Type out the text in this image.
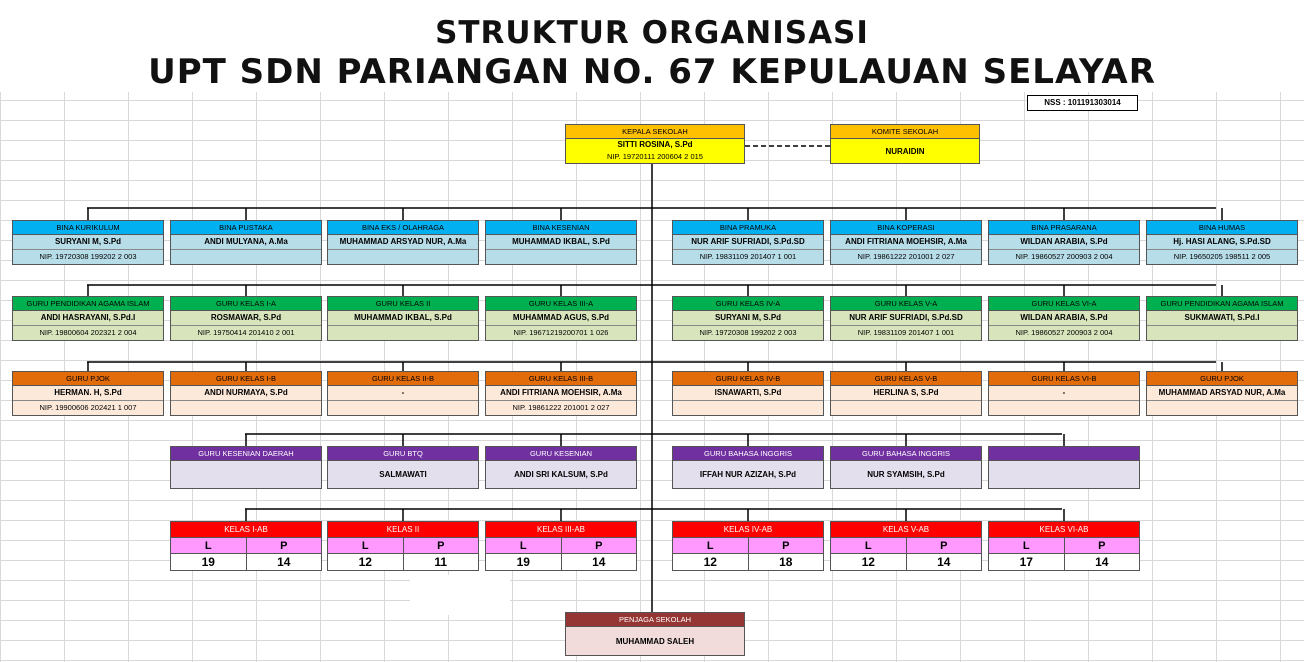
STRUKTUR ORGANISASI
UPT SDN PARIANGAN NO. 67 KEPULAUAN SELAYAR
NSS : 101191303014
KEPALA SEKOLAH
SITTI ROSINA, S.Pd
NIP. 19720111 200604 2 015
KOMITE SEKOLAH
NURAIDIN
BINA KURIKULUM
SURYANI M, S.Pd
NIP. 19720308 199202 2 003
BINA PUSTAKA
ANDI MULYANA, A.Ma
BINA EKS / OLAHRAGA
MUHAMMAD ARSYAD NUR, A.Ma
BINA KESENIAN
MUHAMMAD IKBAL, S.Pd
BINA PRAMUKA
NUR ARIF SUFRIADI, S.Pd.SD
NIP. 19831109 201407 1 001
BINA KOPERASI
ANDI FITRIANA MOEHSIR, A.Ma
NIP. 19861222 201001 2 027
BINA PRASARANA
WILDAN ARABIA, S.Pd
NIP. 19860527 200903 2 004
BINA HUMAS
Hj. HASI ALANG, S.Pd.SD
NIP. 19650205 198511 2 005
GURU PENDIDIKAN AGAMA ISLAM
ANDI HASRAYANI, S.Pd.I
NIP. 19800604 202321 2 004
GURU KELAS I-A
ROSMAWAR, S.Pd
NIP. 19750414 201410 2 001
GURU KELAS II
MUHAMMAD IKBAL, S.Pd
GURU KELAS III-A
MUHAMMAD AGUS, S.Pd
NIP. 19671219200701 1 026
GURU KELAS IV-A
SURYANI M, S.Pd
NIP. 19720308 199202 2 003
GURU KELAS V-A
NUR ARIF SUFRIADI, S.Pd.SD
NIP. 19831109 201407 1 001
GURU KELAS VI-A
WILDAN ARABIA, S.Pd
NIP. 19860527 200903 2 004
GURU PENDIDIKAN AGAMA ISLAM
SUKMAWATI, S.Pd.I
GURU PJOK
HERMAN. H, S.Pd
NIP. 19900606 202421 1 007
GURU KELAS I-B
ANDI NURMAYA, S.Pd
GURU KELAS II-B
-
GURU KELAS III-B
ANDI FITRIANA MOEHSIR, A.Ma
NIP. 19861222 201001 2 027
GURU KELAS IV-B
ISNAWARTI, S.Pd
GURU KELAS V-B
HERLINA S, S.Pd
GURU KELAS VI-B
-
GURU PJOK
MUHAMMAD ARSYAD NUR, A.Ma
GURU KESENIAN DAERAH	GURU BTQ
SALMAWATI
GURU KESENIAN
ANDI SRI KALSUM, S.Pd
GURU BAHASA INGGRIS
IFFAH NUR AZIZAH, S.Pd
GURU BAHASA INGGRIS
NUR SYAMSIH, S.Pd
KELAS I-AB
L	P
19	14
KELAS II
L	P
12	11
KELAS III-AB
L	P
19	14
KELAS IV-AB
L	P
12	18
KELAS V-AB
L	P
12	14
KELAS VI-AB
L	P
17	14
PENJAGA SEKOLAH
MUHAMMAD SALEH
